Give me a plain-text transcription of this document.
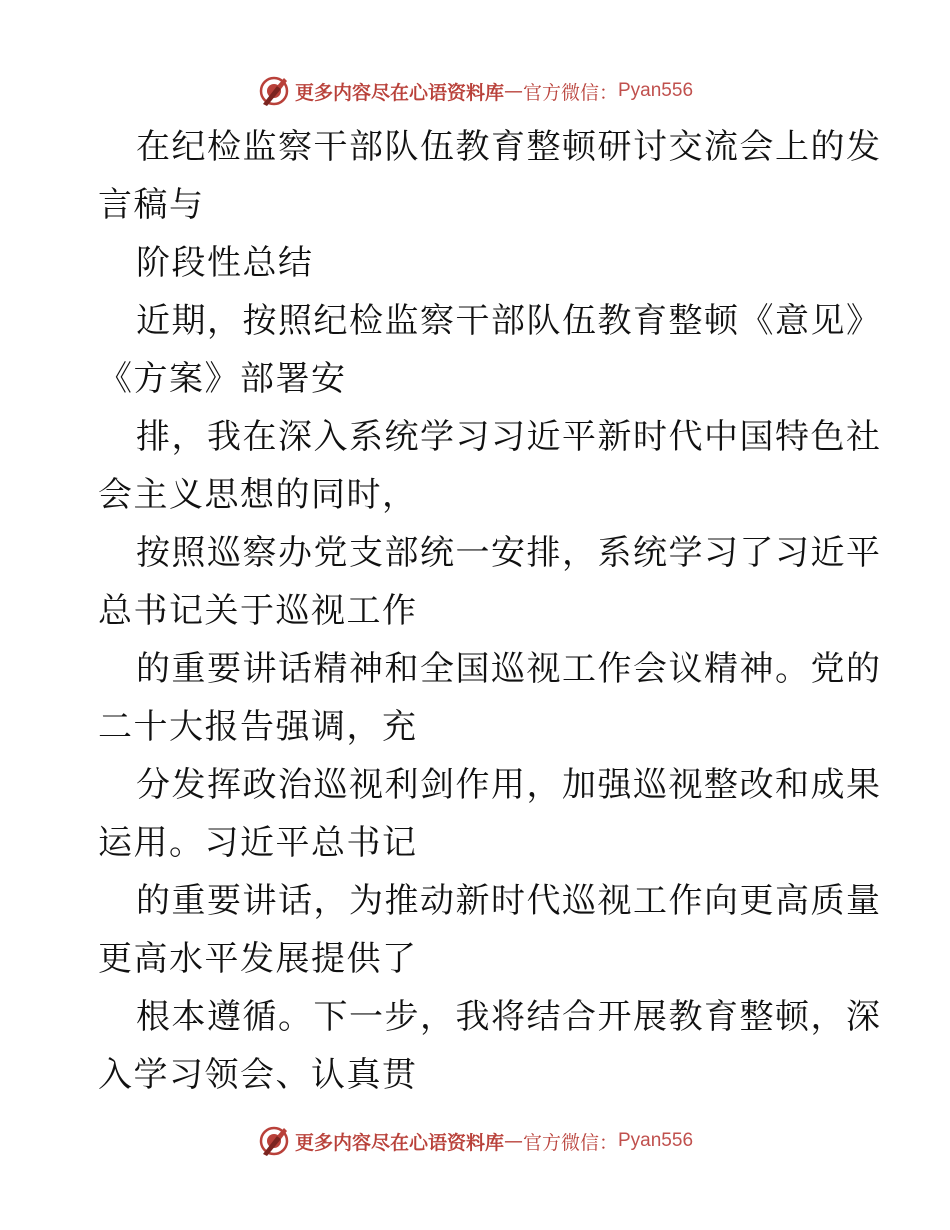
更多内容尽在心语资料库 — 官方微信： Pyan556
在纪检监察干部队伍教育整顿研讨交流会上的发
言稿与
阶段性总结
近期，按照纪检监察干部队伍教育整顿《意见》
《方案》部署安
排，我在深入系统学习习近平新时代中国特色社
会主义思想的同时，
按照巡察办党支部统一安排，系统学习了习近平
总书记关于巡视工作
的重要讲话精神和全国巡视工作会议精神。党的
二十大报告强调，充
分发挥政治巡视利剑作用，加强巡视整改和成果
运用。习近平总书记
的重要讲话，为推动新时代巡视工作向更高质量
更高水平发展提供了
根本遵循。下一步，我将结合开展教育整顿，深
入学习领会、认真贯
更多内容尽在心语资料库 — 官方微信： Pyan556
